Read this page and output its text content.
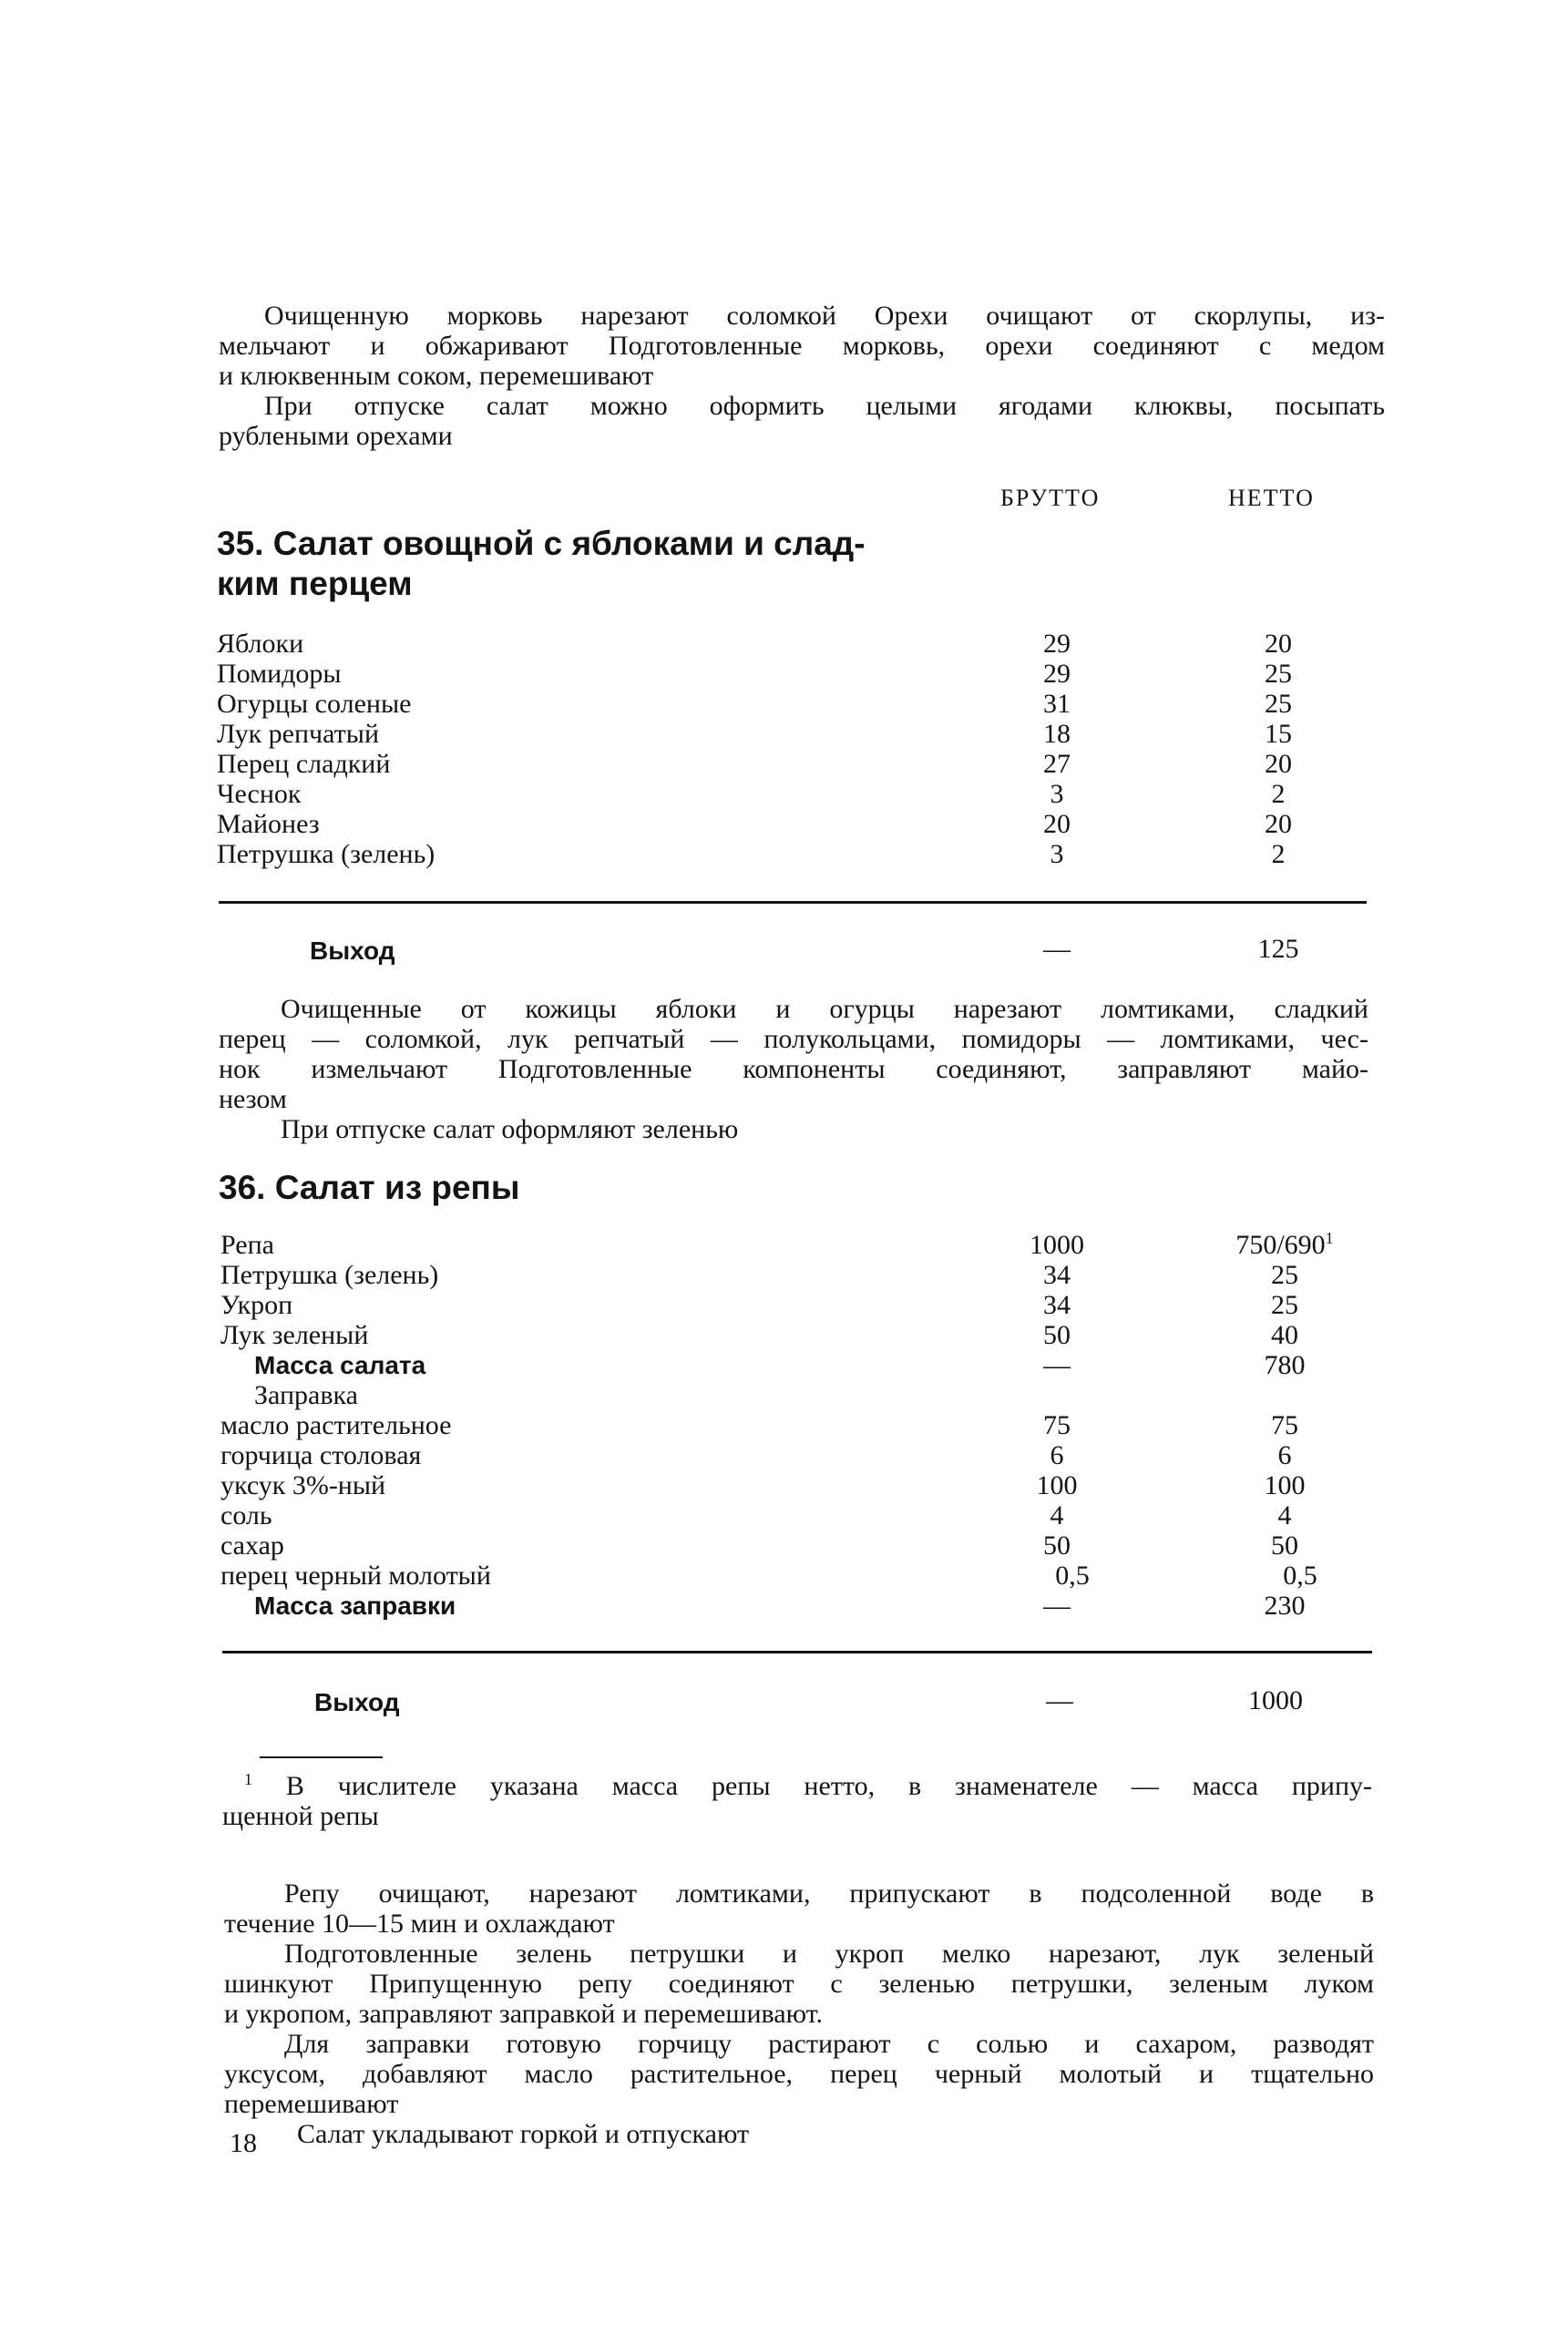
Очищенную морковь нарезают соломкой Орехи очищают от скорлупы, из-
мельчают и обжаривают Подготовленные морковь, орехи соединяют с медом
и клюквенным соком, перемешивают
При отпуске салат можно оформить целыми ягодами клюквы, посыпать
рублеными орехами
БРУТТО	НЕТТО
35. Салат овощной с яблоками и слад-
ким перцем
Яблоки	29	20
Помидоры	29	25
Огурцы соленые	31	25
Лук репчатый	18	15
Перец сладкий	27	20
Чеснок	3	2
Майонез	20	20
Петрушка (зелень)	3	2
Выход	—	125
Очищенные от кожицы яблоки и огурцы нарезают ломтиками, сладкий
перец — соломкой, лук репчатый — полукольцами, помидоры — ломтиками, чес-
нок измельчают Подготовленные компоненты соединяют, заправляют майо-
незом
При отпуске салат оформляют зеленью
36. Салат из репы
Репа	1000	$750/690^1$
Петрушка (зелень)	34	25
Укроп	34	25
Лук зеленый	50	40
Масса салата	—	780
Заправка
масло растительное	75	75
горчица столовая	6	6
уксук 3%-ный	100	100
соль	4	4
сахар	50	50
перец черный молотый	0,5	0,5
Масса заправки	—	230
Выход	—	1000
$^1$ В числителе указана масса репы нетто, в знаменателе — масса припу-
щенной репы
Репу очищают, нарезают ломтиками, припускают в подсоленной воде в
течение 10—15 мин и охлаждают
Подготовленные зелень петрушки и укроп мелко нарезают, лук зеленый
шинкуют Припущенную репу соединяют с зеленью петрушки, зеленым луком
и укропом, заправляют заправкой и перемешивают.
Для заправки готовую горчицу растирают с солью и сахаром, разводят
уксусом, добавляют масло растительное, перец черный молотый и тщательно
перемешивают
Салат укладывают горкой и отпускают
18
